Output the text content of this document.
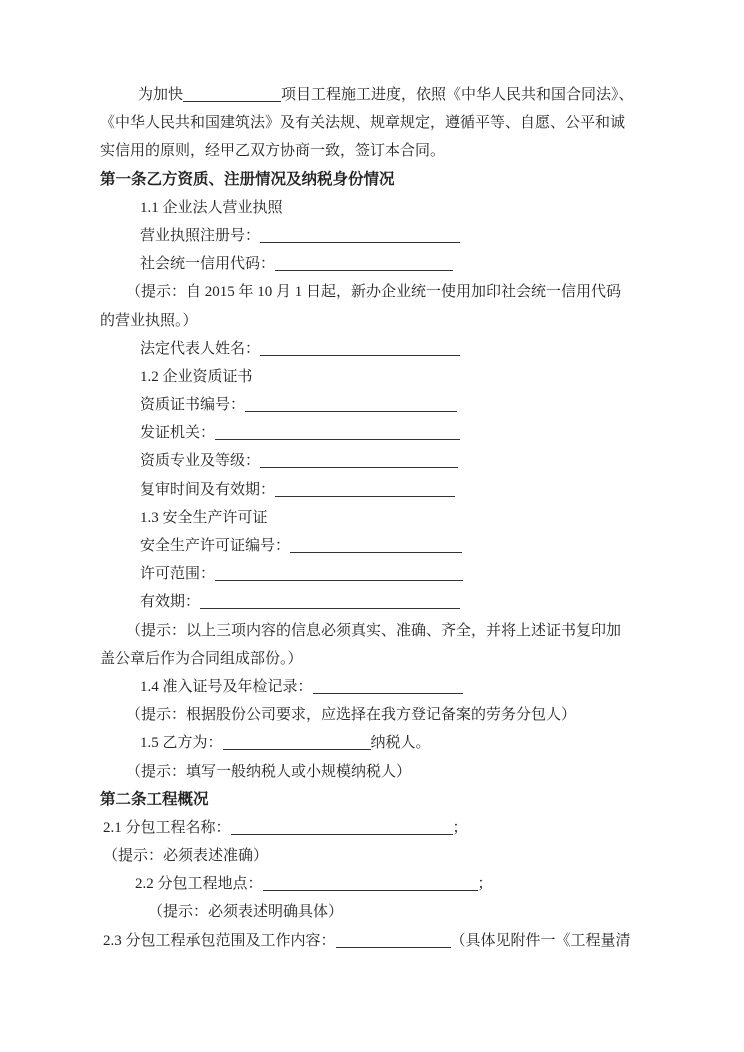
为加快	项目工程施工进度，依照《中华人民共和国合同法》、
《中华人民共和国建筑法》及有关法规、规章规定，遵循平等、自愿、公平和诚
实信用的原则，经甲乙双方协商一致，签订本合同。
第一条乙方资质、注册情况及纳税身份情况
1.1 企业法人营业执照
营业执照注册号：
社会统一信用代码：
（提示：自 2015 年 10 月 1 日起，新办企业统一使用加印社会统一信用代码
的营业执照。）
法定代表人姓名：
1.2 企业资质证书
资质证书编号：
发证机关：
资质专业及等级：
复审时间及有效期：
1.3 安全生产许可证
安全生产许可证编号：
许可范围：
有效期：
（提示：以上三项内容的信息必须真实、准确、齐全，并将上述证书复印加
盖公章后作为合同组成部份。）
1.4 准入证号及年检记录：
（提示：根据股份公司要求，应选择在我方登记备案的劳务分包人）
1.5 乙方为：	纳税人。
（提示：填写一般纳税人或小规模纳税人）
第二条工程概况
2.1 分包工程名称：	；
（提示：必须表述准确）
2.2 分包工程地点：	；
（提示：必须表述明确具体）
2.3 分包工程承包范围及工作内容：	（具体见附件一《工程量清
